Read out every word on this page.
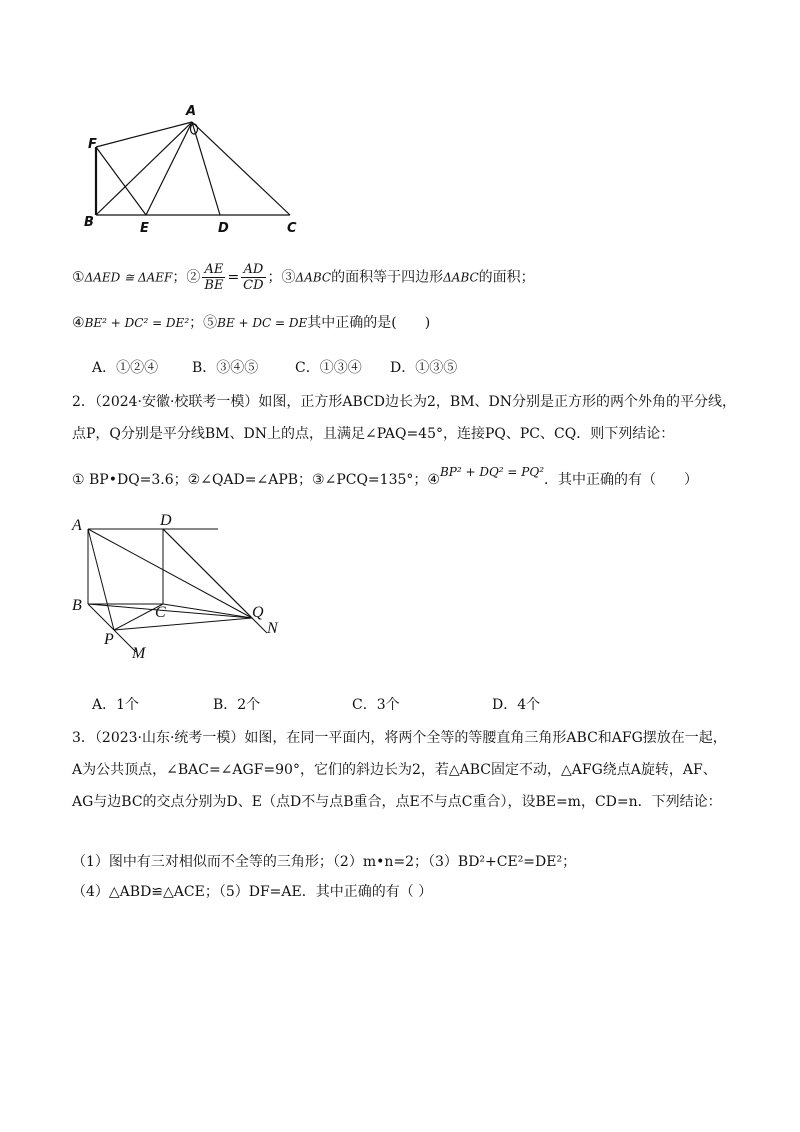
A
F
B	E	D	C
①ΔAED ≅ ΔAEF；② $\frac{AE}{BE} = \frac{AD}{CD}$ ；③ΔABC的面积等于四边形ΔABC的面积；
④BE² + DC² = DE²；⑤BE + DC = DE其中正确的是(　　)
A．①②④ B．③④⑤	C．①③④ D．①③⑤
2．（2024·安徽·校联考一模）如图，正方形ABCD边长为2，BM、DN分别是正方形的两个外角的平分线，
点P，Q分别是平分线BM、DN上的点，且满足∠PAQ=45°，连接PQ、PC、CQ．则下列结论：
① BP•DQ=3.6；②∠QAD=∠APB；③∠PCQ=135°；④BP² + DQ² = PQ²．其中正确的有（　　）
A	D
B	C	Q
N
P
M
A．1个	B．2个	C．3个	D．4个
3．（2023·山东·统考一模）如图，在同一平面内，将两个全等的等腰直角三角形ABC和AFG摆放在一起，
A为公共顶点，∠BAC=∠AGF=90°，它们的斜边长为2，若△ABC固定不动，△AFG绕点A旋转，AF、
AG与边BC的交点分别为D、E（点D不与点B重合，点E不与点C重合），设BE=m，CD=n．下列结论：
（1）图中有三对相似而不全等的三角形；（2）m•n=2；（3）BD²+CE²=DE²；
（4）△ABD≌△ACE；（5）DF=AE．其中正确的有（ ）
